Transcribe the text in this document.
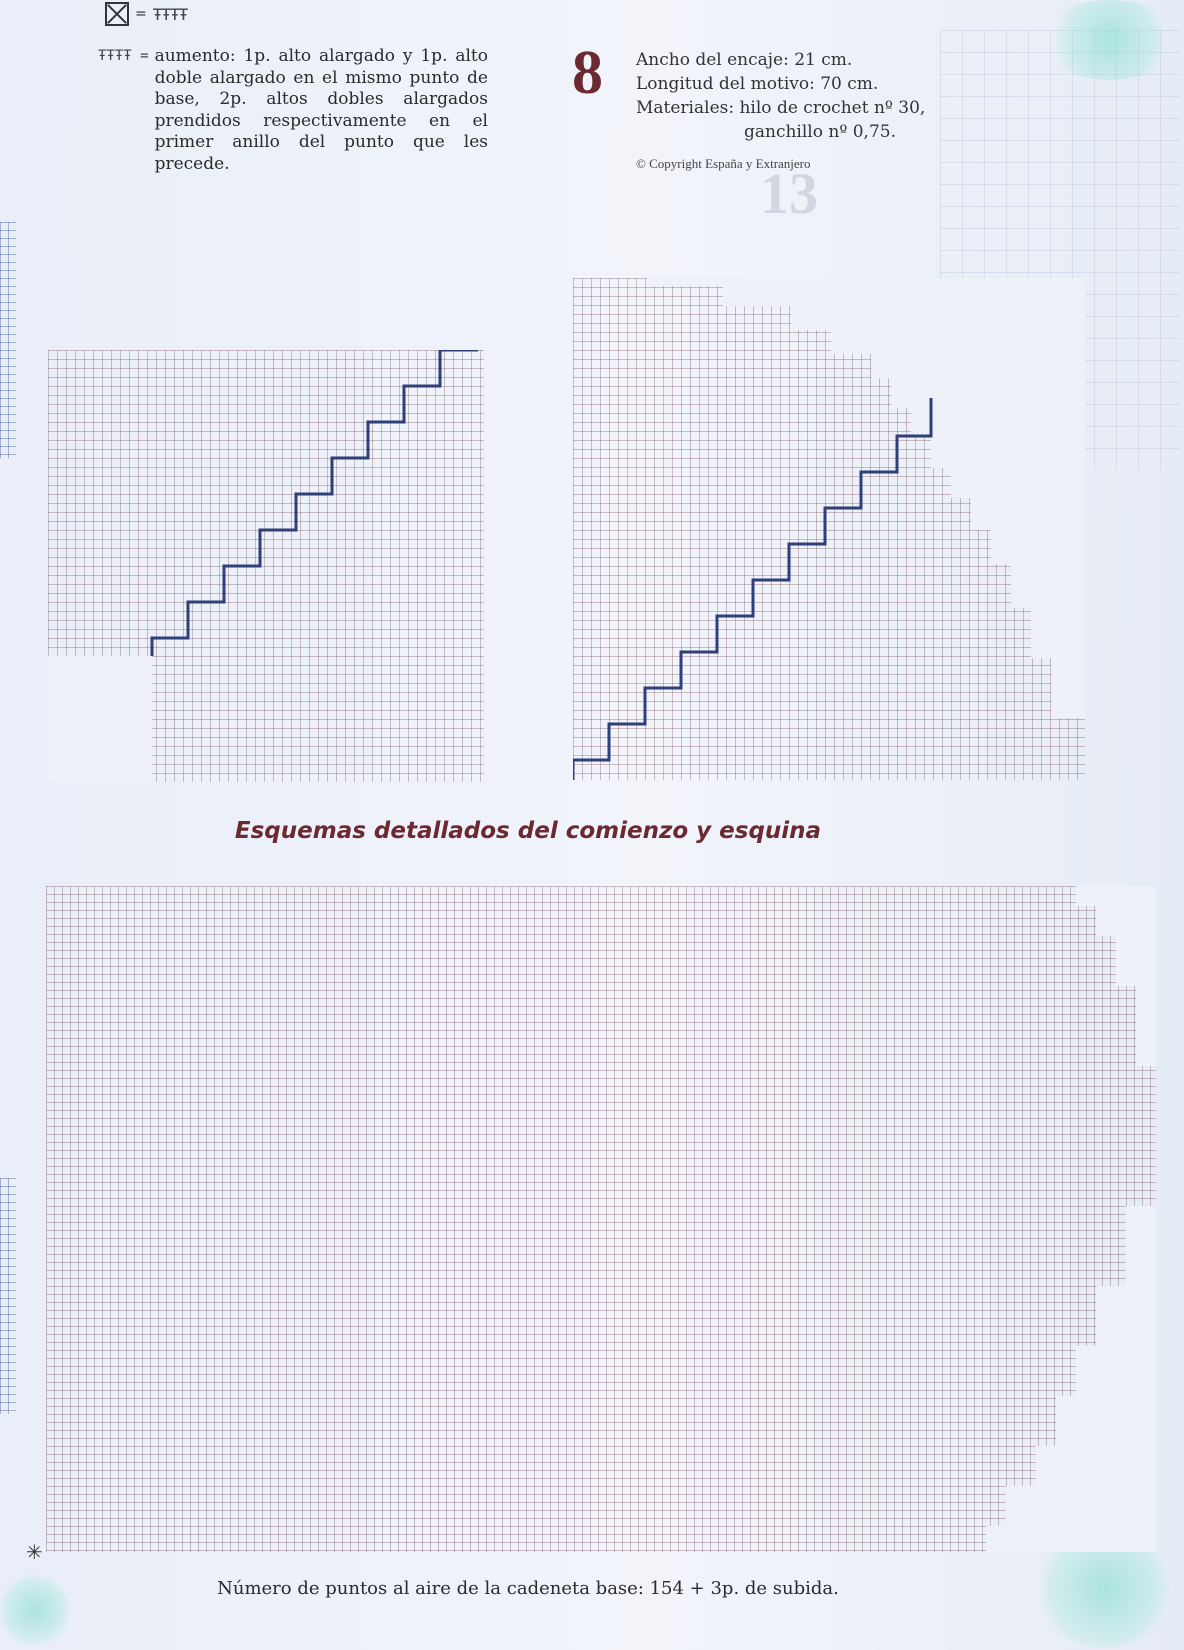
13
= ŦŦŦŦ
ŦŦŦŦ = aumento: 1p. alto alargado y 1p. alto doble alargado en el mismo punto de base, 2p. altos dobles alargados prendidos respectivamente en el primer anillo del punto que les precede.
8 Ancho del encaje: 21 cm.
Longitud del motivo: 70 cm.
Materiales: hilo de crochet nº 30,
ganchillo nº 0,75.
© Copyright España y Extranjero
Esquemas detallados del comienzo y esquina
✳
Número de puntos al aire de la cadeneta base: 154 + 3p. de subida.
